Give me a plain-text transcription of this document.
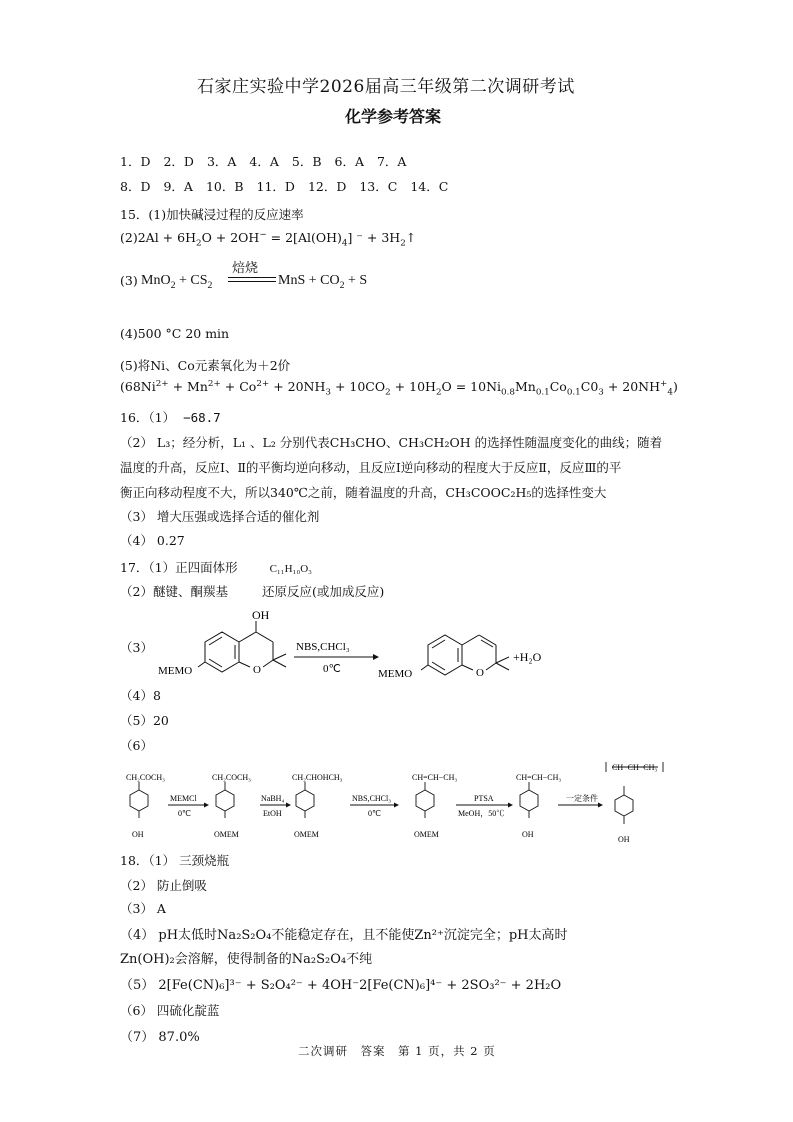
石家庄实验中学2026届高三年级第二次调研考试
化学参考答案
1．D 2．D 3．A 4．A 5．B 6．A 7．A
8．D 9．A 10．B 11．D 12．D 13．C 14．C
15．(1)加快碱浸过程的反应速率
$(2)2Al + 6H_2O + 2OH^- = 2[Al(OH)_4]$ ⁻ + $3H_2↑$
(3) $MnO_2 + CS_2$
焙烧
MnS + $CO_2 + S$
(4)500 °C 20 min
(5)将Ni、Co元素氧化为＋2价
$(68Ni^{2+} + Mn^{2+} + Co^{2+} + 20NH_3 + 10CO_2 + 10H_2O = 10Ni_{0.8}Mn_{0.1}Co_{0.1}C0_3 + 20NH^+_4)$
16．（1） −68.7
（2） L₃；经分析，L₁ 、L₂ 分别代表CH₃CHO、CH₃CH₂OH 的选择性随温度变化的曲线；随着
温度的升高，反应Ⅰ、Ⅱ的平衡均逆向移动，且反应Ⅰ逆向移动的程度大于反应Ⅱ，反应Ⅲ的平
衡正向移动程度不大，所以340℃之前，随着温度的升高，CH₃COOC₂H₅的选择性变大
（3） 增大压强或选择合适的催化剂
（4） 0.27
17．（1）正四面体形	C₁₁H₁₀O₃
（2）醚键、酮羰基	还原反应(或加成反应)
（3）
OH
O
MEMO
NBS,CHCl₃
0℃	O
MEMO
+H₂O
（4）8
（5）20
（6）
CH₂COCH₃
OH
MEMCl
0℃
CH₂COCH₃
OMEM
NaBH₄
EtOH
CH₂CHOHCH₃
OMEM
NBS,CHCl₃
0℃
CH=CH−CH₃
OMEM
PTSA
MeOH，50℃
CH=CH−CH₃
OH
一定条件
CH−CH−CH₃
OH
18．（1） 三颈烧瓶
（2） 防止倒吸
（3） A
（4） pH太低时Na₂S₂O₄不能稳定存在，且不能使Zn²⁺沉淀完全；pH太高时
Zn(OH)₂会溶解，使得制备的Na₂S₂O₄不纯
（5） 2[Fe(CN)₆]³⁻ + S₂O₄²⁻ + 4OH⁻2[Fe(CN)₆]⁴⁻ + 2SO₃²⁻ + 2H₂O
（6） 四硫化靛蓝
（7） 87.0%
二次调研　答案　第 1 页，共 2 页
